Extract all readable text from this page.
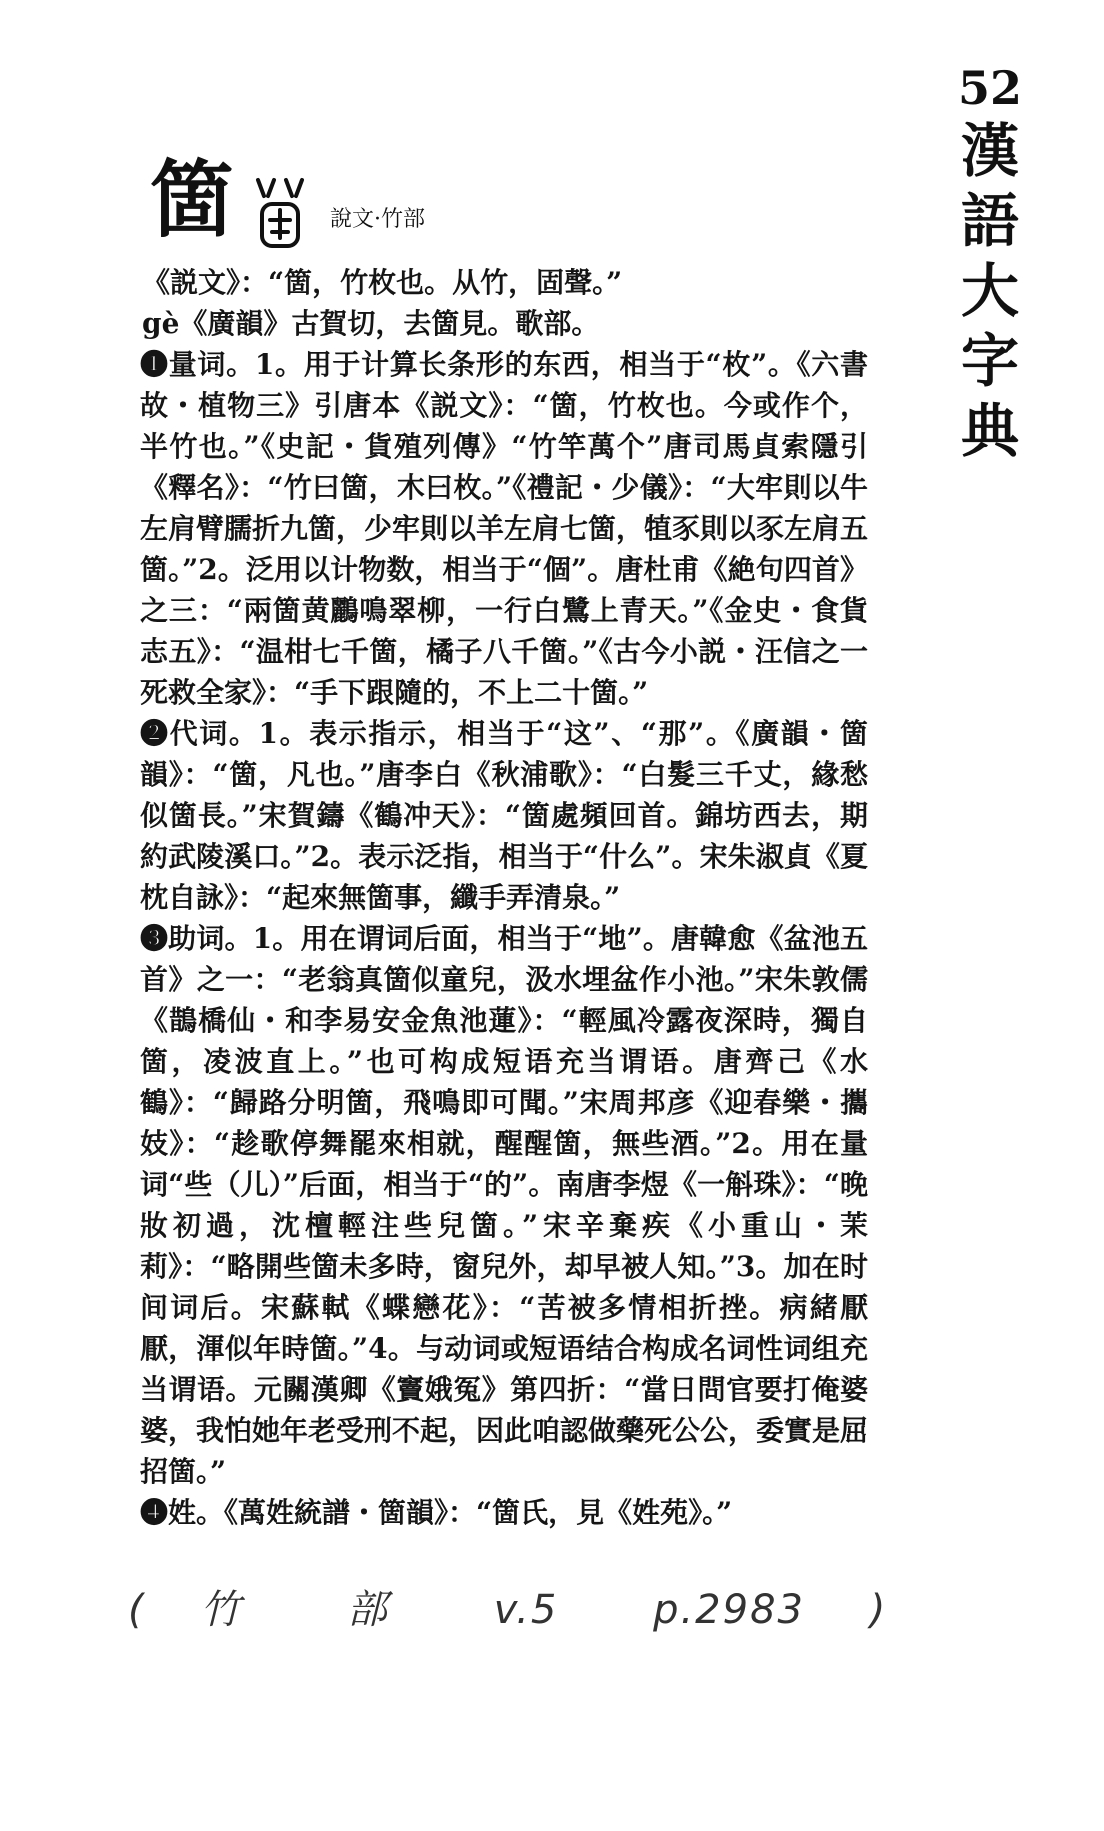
52
漢
語
大
字
典
箇	說文·竹部

《説文》：“箇，竹枚也。从竹，固聲。”

gè《廣韻》古賀切，去箇見。歌部。

❶量词。1。用于计算长条形的东西，相当于“枚”。《六書故・植物三》引唐本《説文》：“箇，竹枚也。今或作个，半竹也。”《史記・貨殖列傳》“竹竿萬个”唐司馬貞索隱引《釋名》：“竹曰箇，木曰枚。”《禮記・少儀》：“大牢則以牛左肩臂臑折九箇，少牢則以羊左肩七箇，犆豕則以豕左肩五箇。”2。泛用以计物数，相当于“個”。唐杜甫《絶句四首》之三：“兩箇黄鸝鳴翠柳，一行白鷺上青天。”《金史・食貨志五》：“温柑七千箇，橘子八千箇。”《古今小説・汪信之一死救全家》：“手下跟隨的，不上二十箇。”

❷代词。1。表示指示，相当于“这”、“那”。《廣韻・箇韻》：“箇，凡也。”唐李白《秋浦歌》：“白髮三千丈，緣愁似箇長。”宋賀鑄《鶴冲天》：“箇處頻回首。錦坊西去，期約武陵溪口。”2。表示泛指，相当于“什么”。宋朱淑貞《夏枕自詠》：“起來無箇事，纖手弄清泉。”

❸助词。1。用在谓词后面，相当于“地”。唐韓愈《盆池五首》之一：“老翁真箇似童兒，汲水埋盆作小池。”宋朱敦儒《鵲橋仙・和李易安金魚池蓮》：“輕風冷露夜深時，獨自箇，凌波直上。”也可构成短语充当谓语。唐齊己《水鶴》：“歸路分明箇，飛鳴即可聞。”宋周邦彦《迎春樂・攜妓》：“趁歌停舞罷來相就，醒醒箇，無些酒。”2。用在量词“些（儿）”后面，相当于“的”。南唐李煜《一斛珠》：“晚妝初過，沈檀輕注些兒箇。”宋辛棄疾《小重山・茉莉》：“略開些箇未多時，窗兒外，却早被人知。”3。加在时间词后。宋蘇軾《蝶戀花》：“苦被多情相折挫。病緒厭厭，渾似年時箇。”4。与动词或短语结合构成名词性词组充当谓语。元關漢卿《竇娥冤》第四折：“當日問官要打俺婆婆，我怕她年老受刑不起，因此咱認做藥死公公，委實是屈招箇。”

❹姓。《萬姓統譜・箇韻》：“箇氏，見《姓苑》。”

( 竹	部	v.5 p.2983 )
